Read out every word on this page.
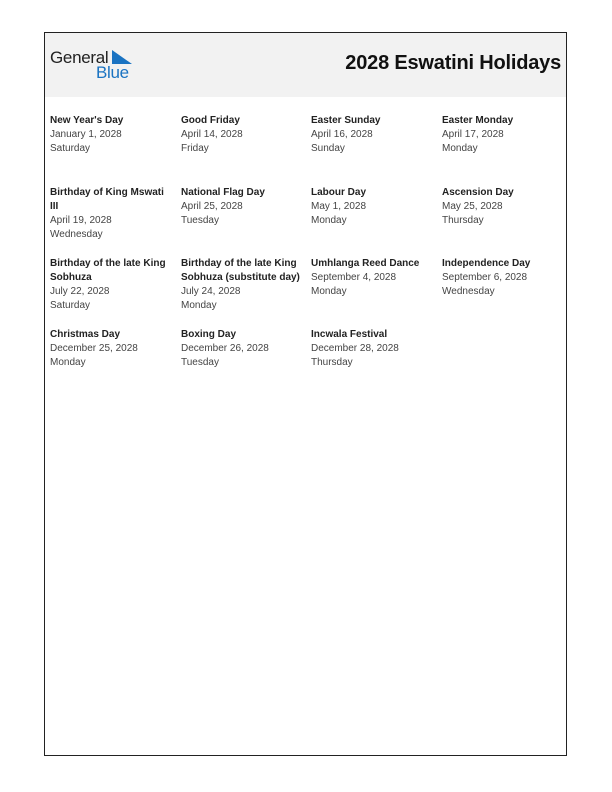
General
Blue	2028 Eswatini Holidays
New Year's Day
January 1, 2028
Saturday
Good Friday
April 14, 2028
Friday
Easter Sunday
April 16, 2028
Sunday
Easter Monday
April 17, 2028
Monday
Birthday of King Mswati III
April 19, 2028
Wednesday
National Flag Day
April 25, 2028
Tuesday
Labour Day
May 1, 2028
Monday
Ascension Day
May 25, 2028
Thursday
Birthday of the late King Sobhuza
July 22, 2028
Saturday
Birthday of the late King Sobhuza (substitute day)
July 24, 2028
Monday
Umhlanga Reed Dance
September 4, 2028
Monday
Independence Day
September 6, 2028
Wednesday
Christmas Day
December 25, 2028
Monday
Boxing Day
December 26, 2028
Tuesday
Incwala Festival
December 28, 2028
Thursday
